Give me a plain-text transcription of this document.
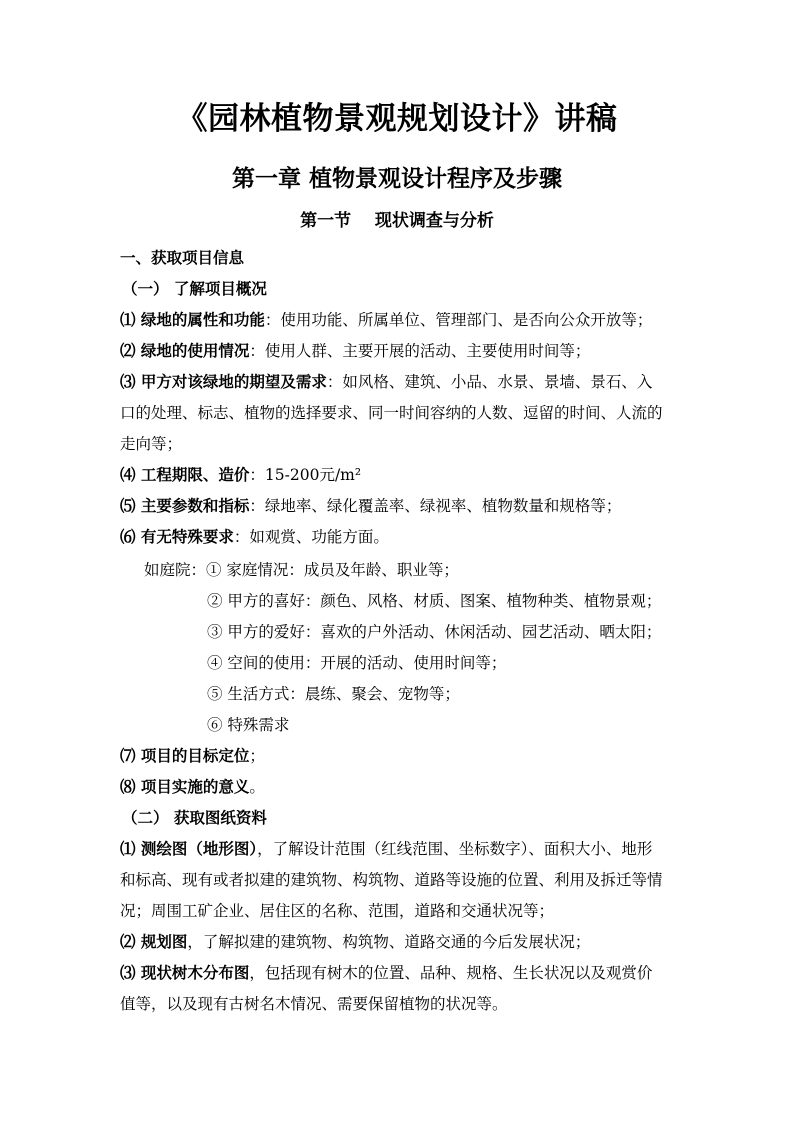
《园林植物景观规划设计》讲稿
第一章 植物景观设计程序及步骤
第一节    现状调查与分析
一、获取项目信息
（一） 了解项目概况
⑴ 绿地的属性和功能：使用功能、所属单位、管理部门、是否向公众开放等；
⑵ 绿地的使用情况：使用人群、主要开展的活动、主要使用时间等；
⑶ 甲方对该绿地的期望及需求：如风格、建筑、小品、水景、景墙、景石、入
口的处理、标志、植物的选择要求、同一时间容纳的人数、逗留的时间、人流的
走向等；
⑷ 工程期限、造价：15-200元/m²
⑸ 主要参数和指标：绿地率、绿化覆盖率、绿视率、植物数量和规格等；
⑹ 有无特殊要求：如观赏、功能方面。
如庭院：① 家庭情况：成员及年龄、职业等；
② 甲方的喜好：颜色、风格、材质、图案、植物种类、植物景观；
③ 甲方的爱好：喜欢的户外活动、休闲活动、园艺活动、晒太阳；
④ 空间的使用：开展的活动、使用时间等；
⑤ 生活方式：晨练、聚会、宠物等；
⑥ 特殊需求
⑺ 项目的目标定位；
⑻ 项目实施的意义。
（二） 获取图纸资料
⑴ 测绘图（地形图），了解设计范围（红线范围、坐标数字）、面积大小、地形
和标高、现有或者拟建的建筑物、构筑物、道路等设施的位置、利用及拆迁等情
况；周围工矿企业、居住区的名称、范围，道路和交通状况等；
⑵ 规划图，了解拟建的建筑物、构筑物、道路交通的今后发展状况；
⑶ 现状树木分布图，包括现有树木的位置、品种、规格、生长状况以及观赏价
值等，以及现有古树名木情况、需要保留植物的状况等。
